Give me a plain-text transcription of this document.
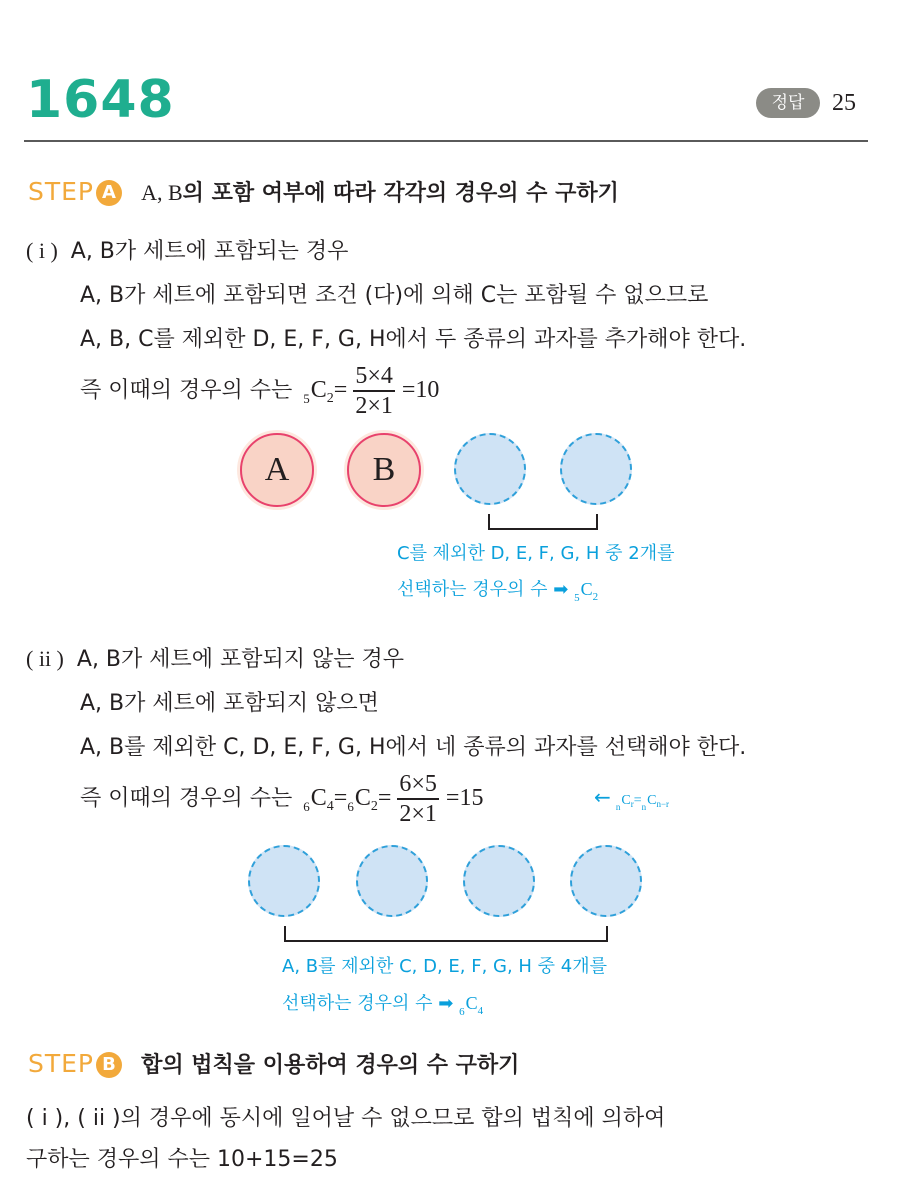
1648	정답	25
STEP A A, B의 포함 여부에 따라 각각의 경우의 수 구하기
( i ) A, B가 세트에 포함되는 경우
A, B가 세트에 포함되면 조건 (다)에 의해 C는 포함될 수 없으므로
A, B, C를 제외한 D, E, F, G, H에서 두 종류의 과자를 추가해야 한다.
즉 이때의 경우의 수는 $_5C_2= \frac{5\times 4}{2\times 1} =10$
A	B
C를 제외한 D, E, F, G, H 중 2개를
선택하는 경우의 수 ➡ $_5C_2$
( ii ) A, B가 세트에 포함되지 않는 경우
A, B가 세트에 포함되지 않으면
A, B를 제외한 C, D, E, F, G, H에서 네 종류의 과자를 선택해야 한다.
즉 이때의 경우의 수는 $_6C_4=_6C_2= \frac{6\times 5}{2\times 1} =15$	← $_nC_r=_nC_{n-r}$
A, B를 제외한 C, D, E, F, G, H 중 4개를
선택하는 경우의 수 ➡ $_6C_4$
STEP B 합의 법칙을 이용하여 경우의 수 구하기
( i ), ( ii )의 경우에 동시에 일어날 수 없으므로 합의 법칙에 의하여
구하는 경우의 수는 10+15=25
